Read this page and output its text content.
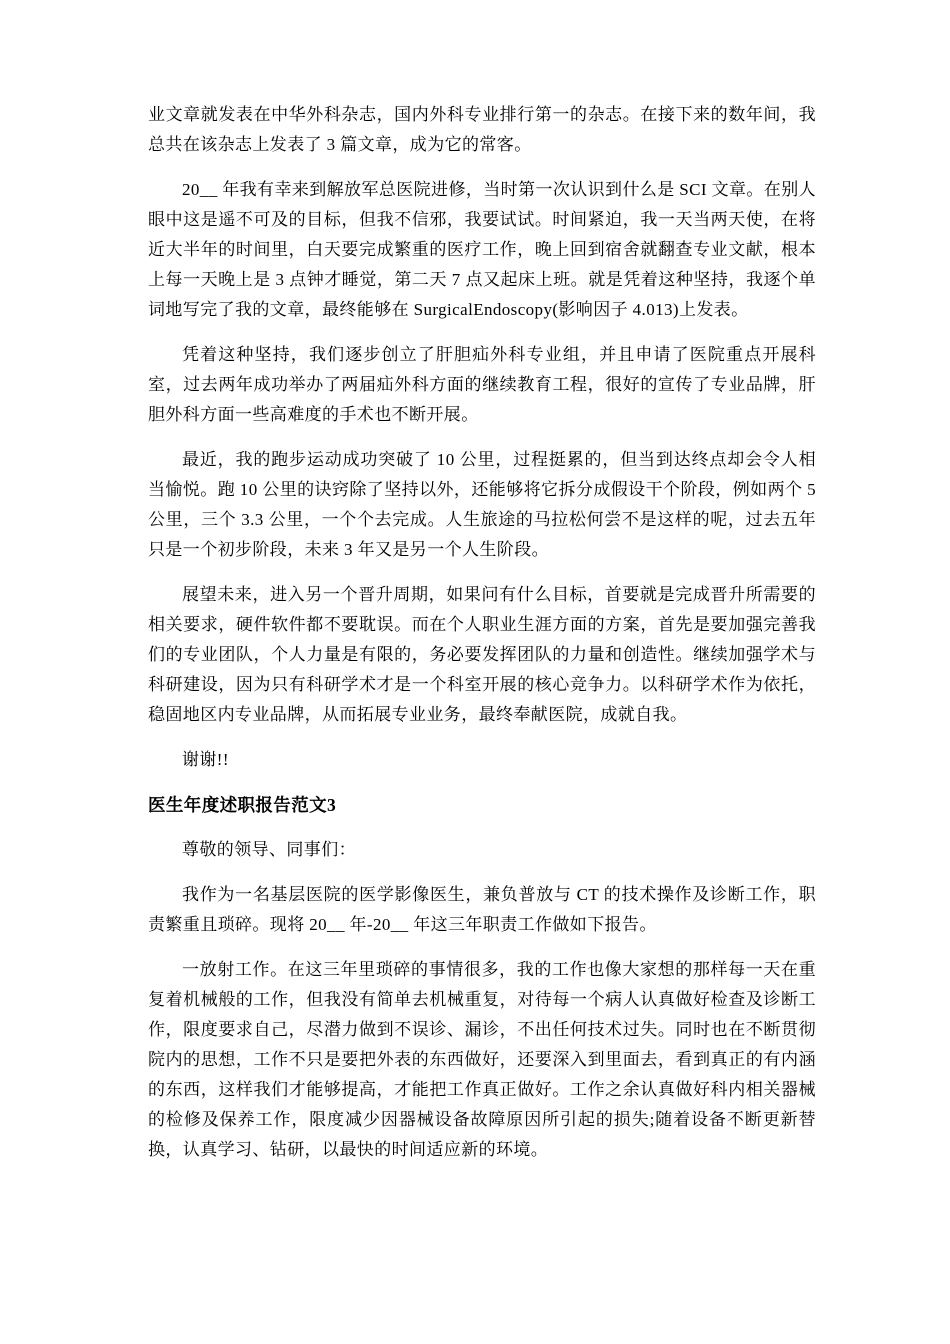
业文章就发表在中华外科杂志，国内外科专业排行第一的杂志。在接下来的数年间，我总共在该杂志上发表了 3 篇文章，成为它的常客。

20__ 年我有幸来到解放军总医院进修，当时第一次认识到什么是 SCI 文章。在别人眼中这是遥不可及的目标，但我不信邪，我要试试。时间紧迫，我一天当两天使，在将近大半年的时间里，白天要完成繁重的医疗工作，晚上回到宿舍就翻查专业文献，根本上每一天晚上是 3 点钟才睡觉，第二天 7 点又起床上班。就是凭着这种坚持，我逐个单词地写完了我的文章，最终能够在 SurgicalEndoscopy(影响因子 4.013)上发表。

凭着这种坚持，我们逐步创立了肝胆疝外科专业组，并且申请了医院重点开展科室，过去两年成功举办了两届疝外科方面的继续教育工程，很好的宣传了专业品牌，肝胆外科方面一些高难度的手术也不断开展。

最近，我的跑步运动成功突破了 10 公里，过程挺累的，但当到达终点却会令人相当愉悦。跑 10 公里的诀窍除了坚持以外，还能够将它拆分成假设干个阶段，例如两个 5 公里，三个 3.3 公里，一个个去完成。人生旅途的马拉松何尝不是这样的呢，过去五年只是一个初步阶段，未来 3 年又是另一个人生阶段。

展望未来，进入另一个晋升周期，如果问有什么目标，首要就是完成晋升所需要的相关要求，硬件软件都不要耽误。而在个人职业生涯方面的方案，首先是要加强完善我们的专业团队，个人力量是有限的，务必要发挥团队的力量和创造性。继续加强学术与科研建设，因为只有科研学术才是一个科室开展的核心竞争力。以科研学术作为依托，稳固地区内专业品牌，从而拓展专业业务，最终奉献医院，成就自我。

谢谢!!

医生年度述职报告范文3

尊敬的领导、同事们：

我作为一名基层医院的医学影像医生，兼负普放与 CT 的技术操作及诊断工作，职责繁重且琐碎。现将 20__ 年-20__ 年这三年职责工作做如下报告。

一放射工作。在这三年里琐碎的事情很多，我的工作也像大家想的那样每一天在重复着机械般的工作，但我没有简单去机械重复，对待每一个病人认真做好检查及诊断工作，限度要求自己，尽潜力做到不误诊、漏诊，不出任何技术过失。同时也在不断贯彻院内的思想，工作不只是要把外表的东西做好，还要深入到里面去，看到真正的有内涵的东西，这样我们才能够提高，才能把工作真正做好。工作之余认真做好科内相关器械的检修及保养工作，限度减少因器械设备故障原因所引起的损失;随着设备不断更新替换，认真学习、钻研，以最快的时间适应新的环境。
